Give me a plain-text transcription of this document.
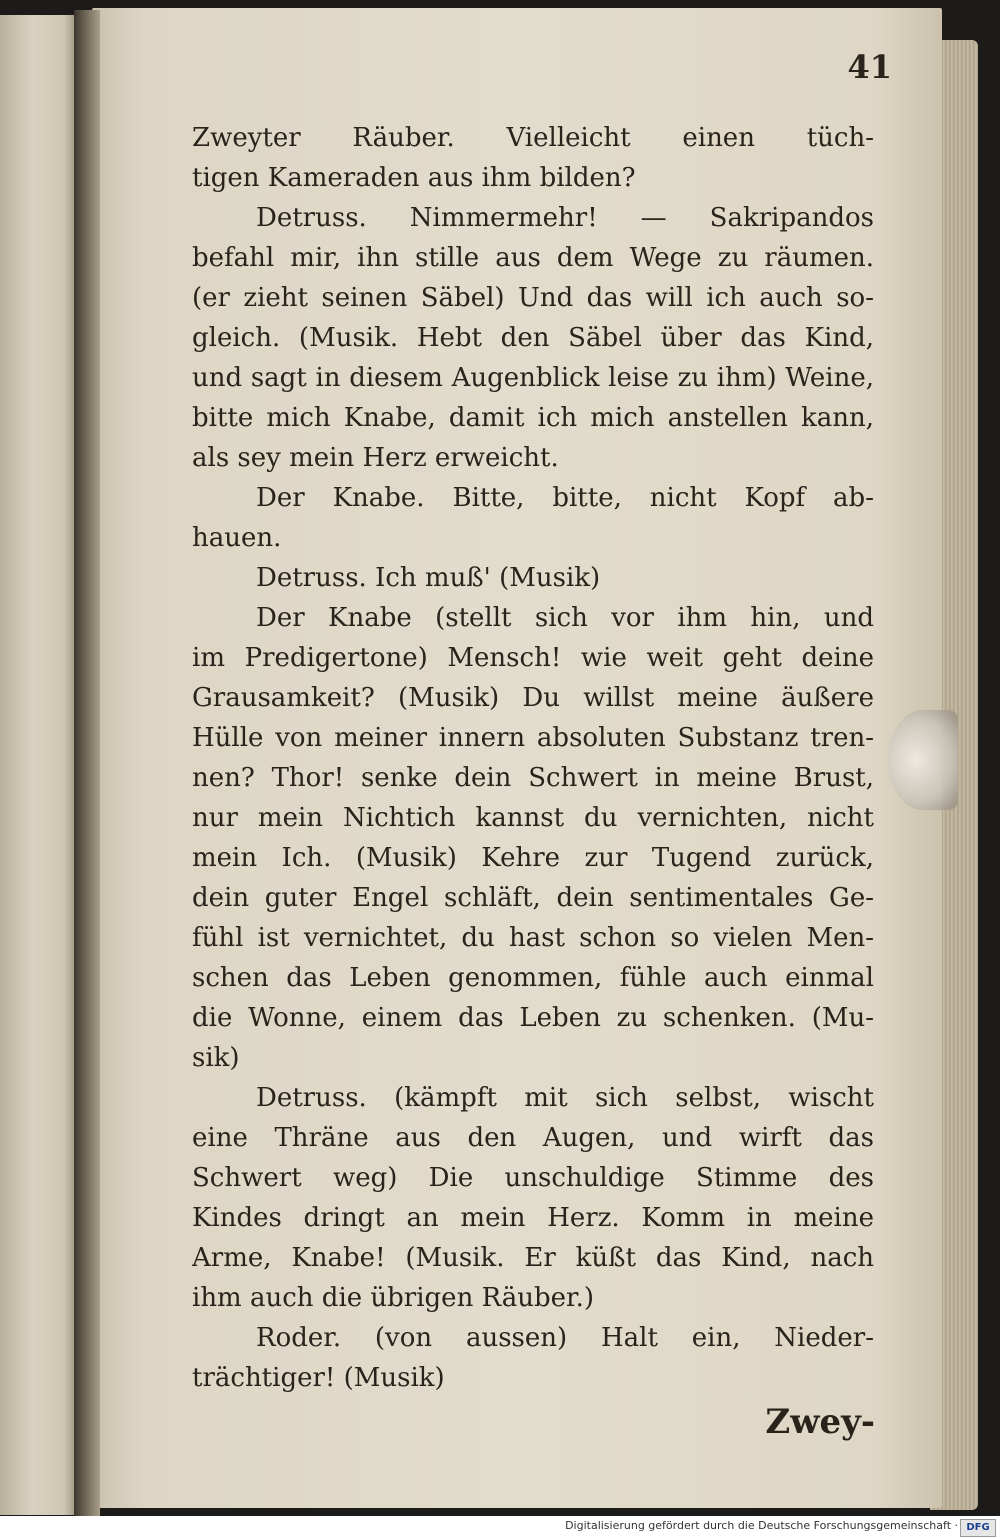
41
Zweyter Räuber. Vielleicht einen tüch-
tigen Kameraden aus ihm bilden?
Detruss. Nimmermehr! — Sakripandos
befahl mir, ihn stille aus dem Wege zu räumen.
(er zieht seinen Säbel) Und das will ich auch so-
gleich. (Musik. Hebt den Säbel über das Kind,
und sagt in diesem Augenblick leise zu ihm) Weine,
bitte mich Knabe, damit ich mich anstellen kann,
als sey mein Herz erweicht.
Der Knabe. Bitte, bitte, nicht Kopf ab-
hauen.
Detruss. Ich muß' (Musik)
Der Knabe (stellt sich vor ihm hin, und
im Predigertone) Mensch! wie weit geht deine
Grausamkeit? (Musik) Du willst meine äußere
Hülle von meiner innern absoluten Substanz tren-
nen? Thor! senke dein Schwert in meine Brust,
nur mein Nichtich kannst du vernichten, nicht
mein Ich. (Musik) Kehre zur Tugend zurück,
dein guter Engel schläft, dein sentimentales Ge-
fühl ist vernichtet, du hast schon so vielen Men-
schen das Leben genommen, fühle auch einmal
die Wonne, einem das Leben zu schenken. (Mu-
sik)
Detruss. (kämpft mit sich selbst, wischt
eine Thräne aus den Augen, und wirft das
Schwert weg) Die unschuldige Stimme des
Kindes dringt an mein Herz. Komm in meine
Arme, Knabe! (Musik. Er küßt das Kind, nach
ihm auch die übrigen Räuber.)
Roder. (von aussen) Halt ein, Nieder-
trächtiger! (Musik)
Zwey-
Digitalisierung gefördert durch die Deutsche Forschungsgemeinschaft · DFG
